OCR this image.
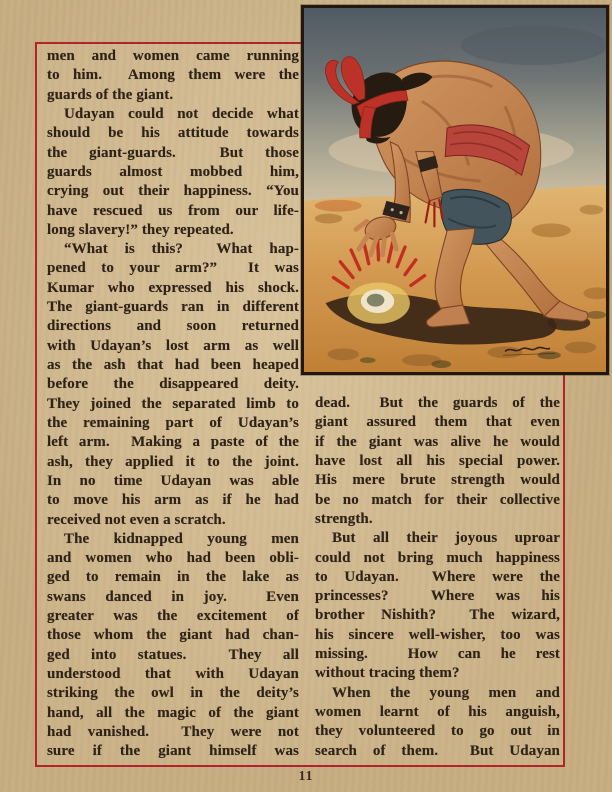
men and women came running
to him.  Among them were the
guards of the giant.
Udayan could not decide what
should be his attitude towards
the giant-guards.  But those
guards almost mobbed him,
crying out their happiness. “You
have rescued us from our life-
long slavery!” they repeated.
“What is this?  What hap-
pened to your arm?”  It was
Kumar who expressed his shock.
The giant-guards ran in different
directions and soon returned
with Udayan’s lost arm as well
as the ash that had been heaped
before the disappeared deity.
They joined the separated limb to
the remaining part of Udayan’s
left arm.  Making a paste of the
ash, they applied it to the joint.
In no time Udayan was able
to move his arm as if he had
received not even a scratch.
The kidnapped young men
and women who had been obli-
ged to remain in the lake as
swans danced in joy.  Even
greater was the excitement of
those whom the giant had chan-
ged into statues.  They all
understood that with Udayan
striking the owl in the deity’s
hand, all the magic of the giant
had vanished.  They were not
sure if the giant himself was
dead.  But the guards of the
giant assured them that even
if the giant was alive he would
have lost all his special power.
His mere brute strength would
be no match for their collective
strength.
But all their joyous uproar
could not bring much happiness
to Udayan.  Where were the
princesses?  Where was his
brother Nishith?  The wizard,
his sincere well-wisher, too was
missing.  How can he rest
without tracing them?
When the young men and
women learnt of his anguish,
they volunteered to go out in
search of them.  But Udayan
11
